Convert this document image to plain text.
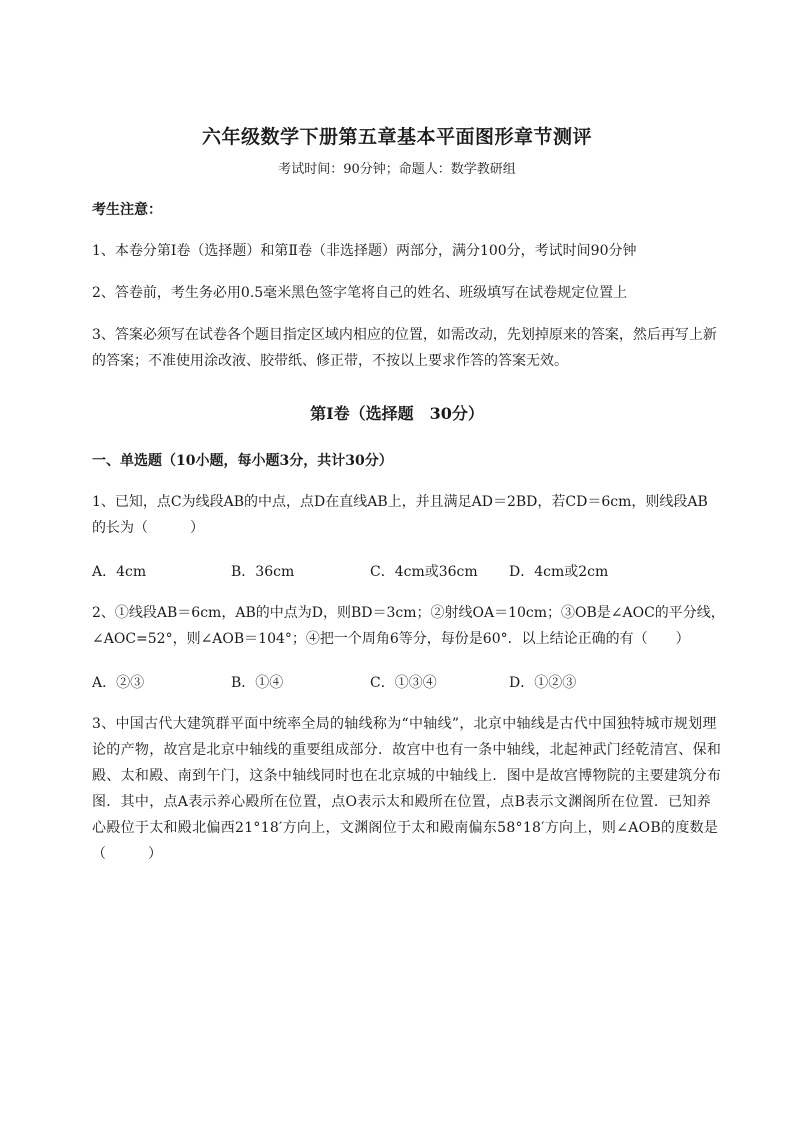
六年级数学下册第五章基本平面图形章节测评
考试时间：90分钟；命题人：数学教研组
考生注意：
1、本卷分第I卷（选择题）和第Ⅱ卷（非选择题）两部分，满分100分，考试时间90分钟
2、答卷前，考生务必用0.5毫米黑色签字笔将自己的姓名、班级填写在试卷规定位置上
3、答案必须写在试卷各个题目指定区域内相应的位置，如需改动，先划掉原来的答案，然后再写上新
的答案；不准使用涂改液、胶带纸、修正带，不按以上要求作答的答案无效。
第I卷（选择题　30分）
一、单选题（10小题，每小题3分，共计30分）
1、已知，点C为线段AB的中点，点D在直线AB上，并且满足AD＝2BD，若CD＝6cm，则线段AB
的长为（　　　）
A．4cm	B．36cm	C．4cm或36cm D．4cm或2cm
2、①线段AB＝6cm，AB的中点为D，则BD＝3cm；②射线OA＝10cm；③OB是∠AOC的平分线，
∠AOC=52°，则∠AOB＝104°；④把一个周角6等分，每份是60°．以上结论正确的有（　　）
A．②③	B．①④	C．①③④	D．①②③
3、中国古代大建筑群平面中统率全局的轴线称为“中轴线”，北京中轴线是古代中国独特城市规划理
论的产物，故宫是北京中轴线的重要组成部分．故宫中也有一条中轴线，北起神武门经乾清宫、保和
殿、太和殿、南到午门，这条中轴线同时也在北京城的中轴线上．图中是故宫博物院的主要建筑分布
图．其中，点A表示养心殿所在位置，点O表示太和殿所在位置，点B表示文渊阁所在位置．已知养
心殿位于太和殿北偏西21°18′方向上，文渊阁位于太和殿南偏东58°18′方向上，则∠AOB的度数是
（　　　）
